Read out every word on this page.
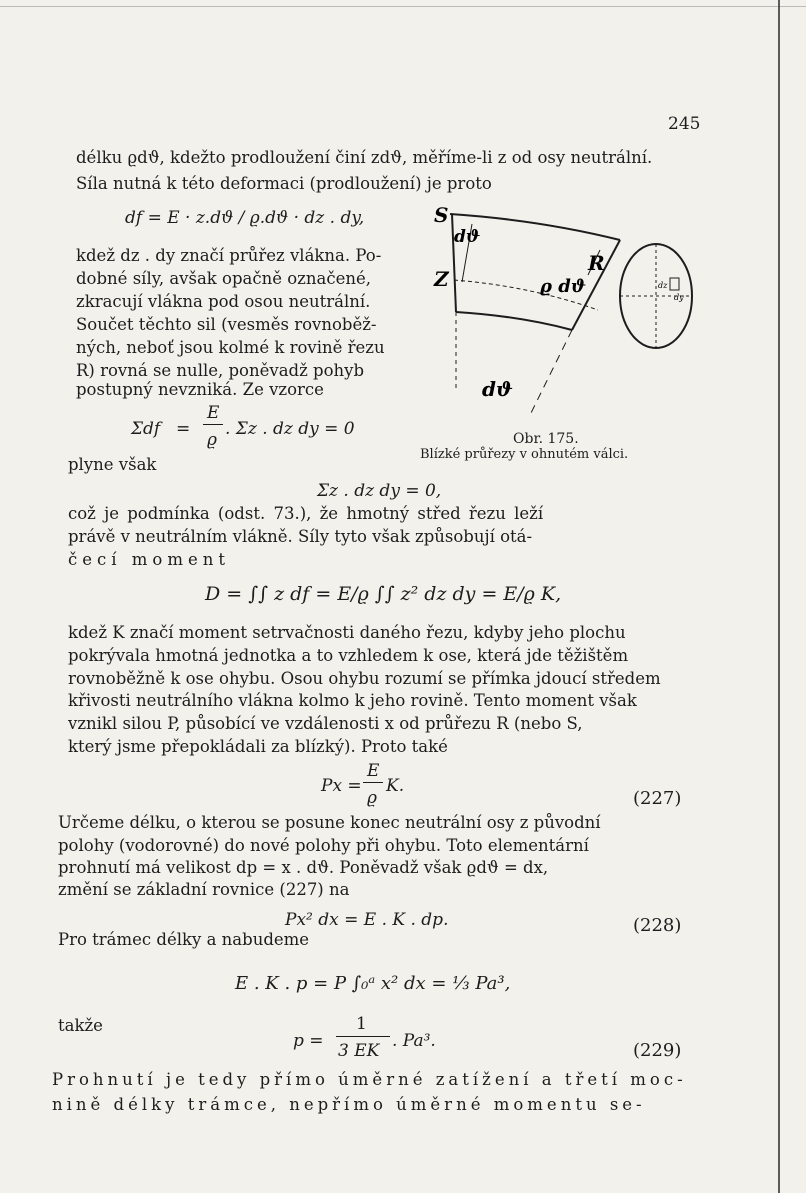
245
délku ϱdϑ, kdežto prodloužení činí zdϑ, měříme-li z od osy neutrální.
Síla nutná k této deformaci (prodloužení) je proto
df = E · z.dϑ / ϱ.dϑ · dz . dy,
kdež dz . dy značí průřez vlákna. Po-
dobné síly, avšak opačně označené,
zkracují vlákna pod osou neutrální.
Součet těchto sil (vesměs rovnoběž-
ných, neboť jsou kolmé k rovině řezu
R) rovná se nulle, poněvadž pohyb
postupný nevzniká. Ze vzorce
Σdf =
E
ϱ
. Σz . dz dy = 0
plyne však
Σz . dz dy = 0,
což je podmínka (odst. 73.), že hmotný střed řezu leží
právě v neutrálním vlákně. Síly tyto však způsobují otá-
čecí moment
D = ∫∫ z df = E/ϱ ∫∫ z² dz dy = E/ϱ K,
kdež K značí moment setrvačnosti daného řezu, kdyby jeho plochu
pokrývala hmotná jednotka a to vzhledem k ose, která jde těžištěm
rovnoběžně k ose ohybu. Osou ohybu rozumí se přímka jdoucí středem
křivosti neutrálního vlákna kolmo k jeho rovině. Tento moment však
vznikl silou P, působící ve vzdálenosti x od průřezu R (nebo S,
který jsme přepokládali za blízký). Proto také
Px =
E
ϱ
K.
(227)
Určeme délku, o kterou se posune konec neutrální osy z původní
polohy (vodorovné) do nové polohy při ohybu. Toto elementární
prohnutí má velikost dp = x . dϑ. Poněvadž však ϱdϑ = dx,
změní se základní rovnice (227) na
Px² dx = E . K . dp.	(228)
Pro trámec délky a nabudeme
E . K . p = P ∫₀ᵃ x² dx = ⅓ Pa³,
takže
p =
1
3 EK . Pa³.	(229)
Prohnutí je tedy přímo úměrné zatížení a třetí moc-
nině délky trámce, nepřímo úměrné momentu se-
S
dϑ
Z	ϱ dϑ
R
dϑ
dz
dy
Obr. 175.
Blízké průřezy v ohnutém válci.
